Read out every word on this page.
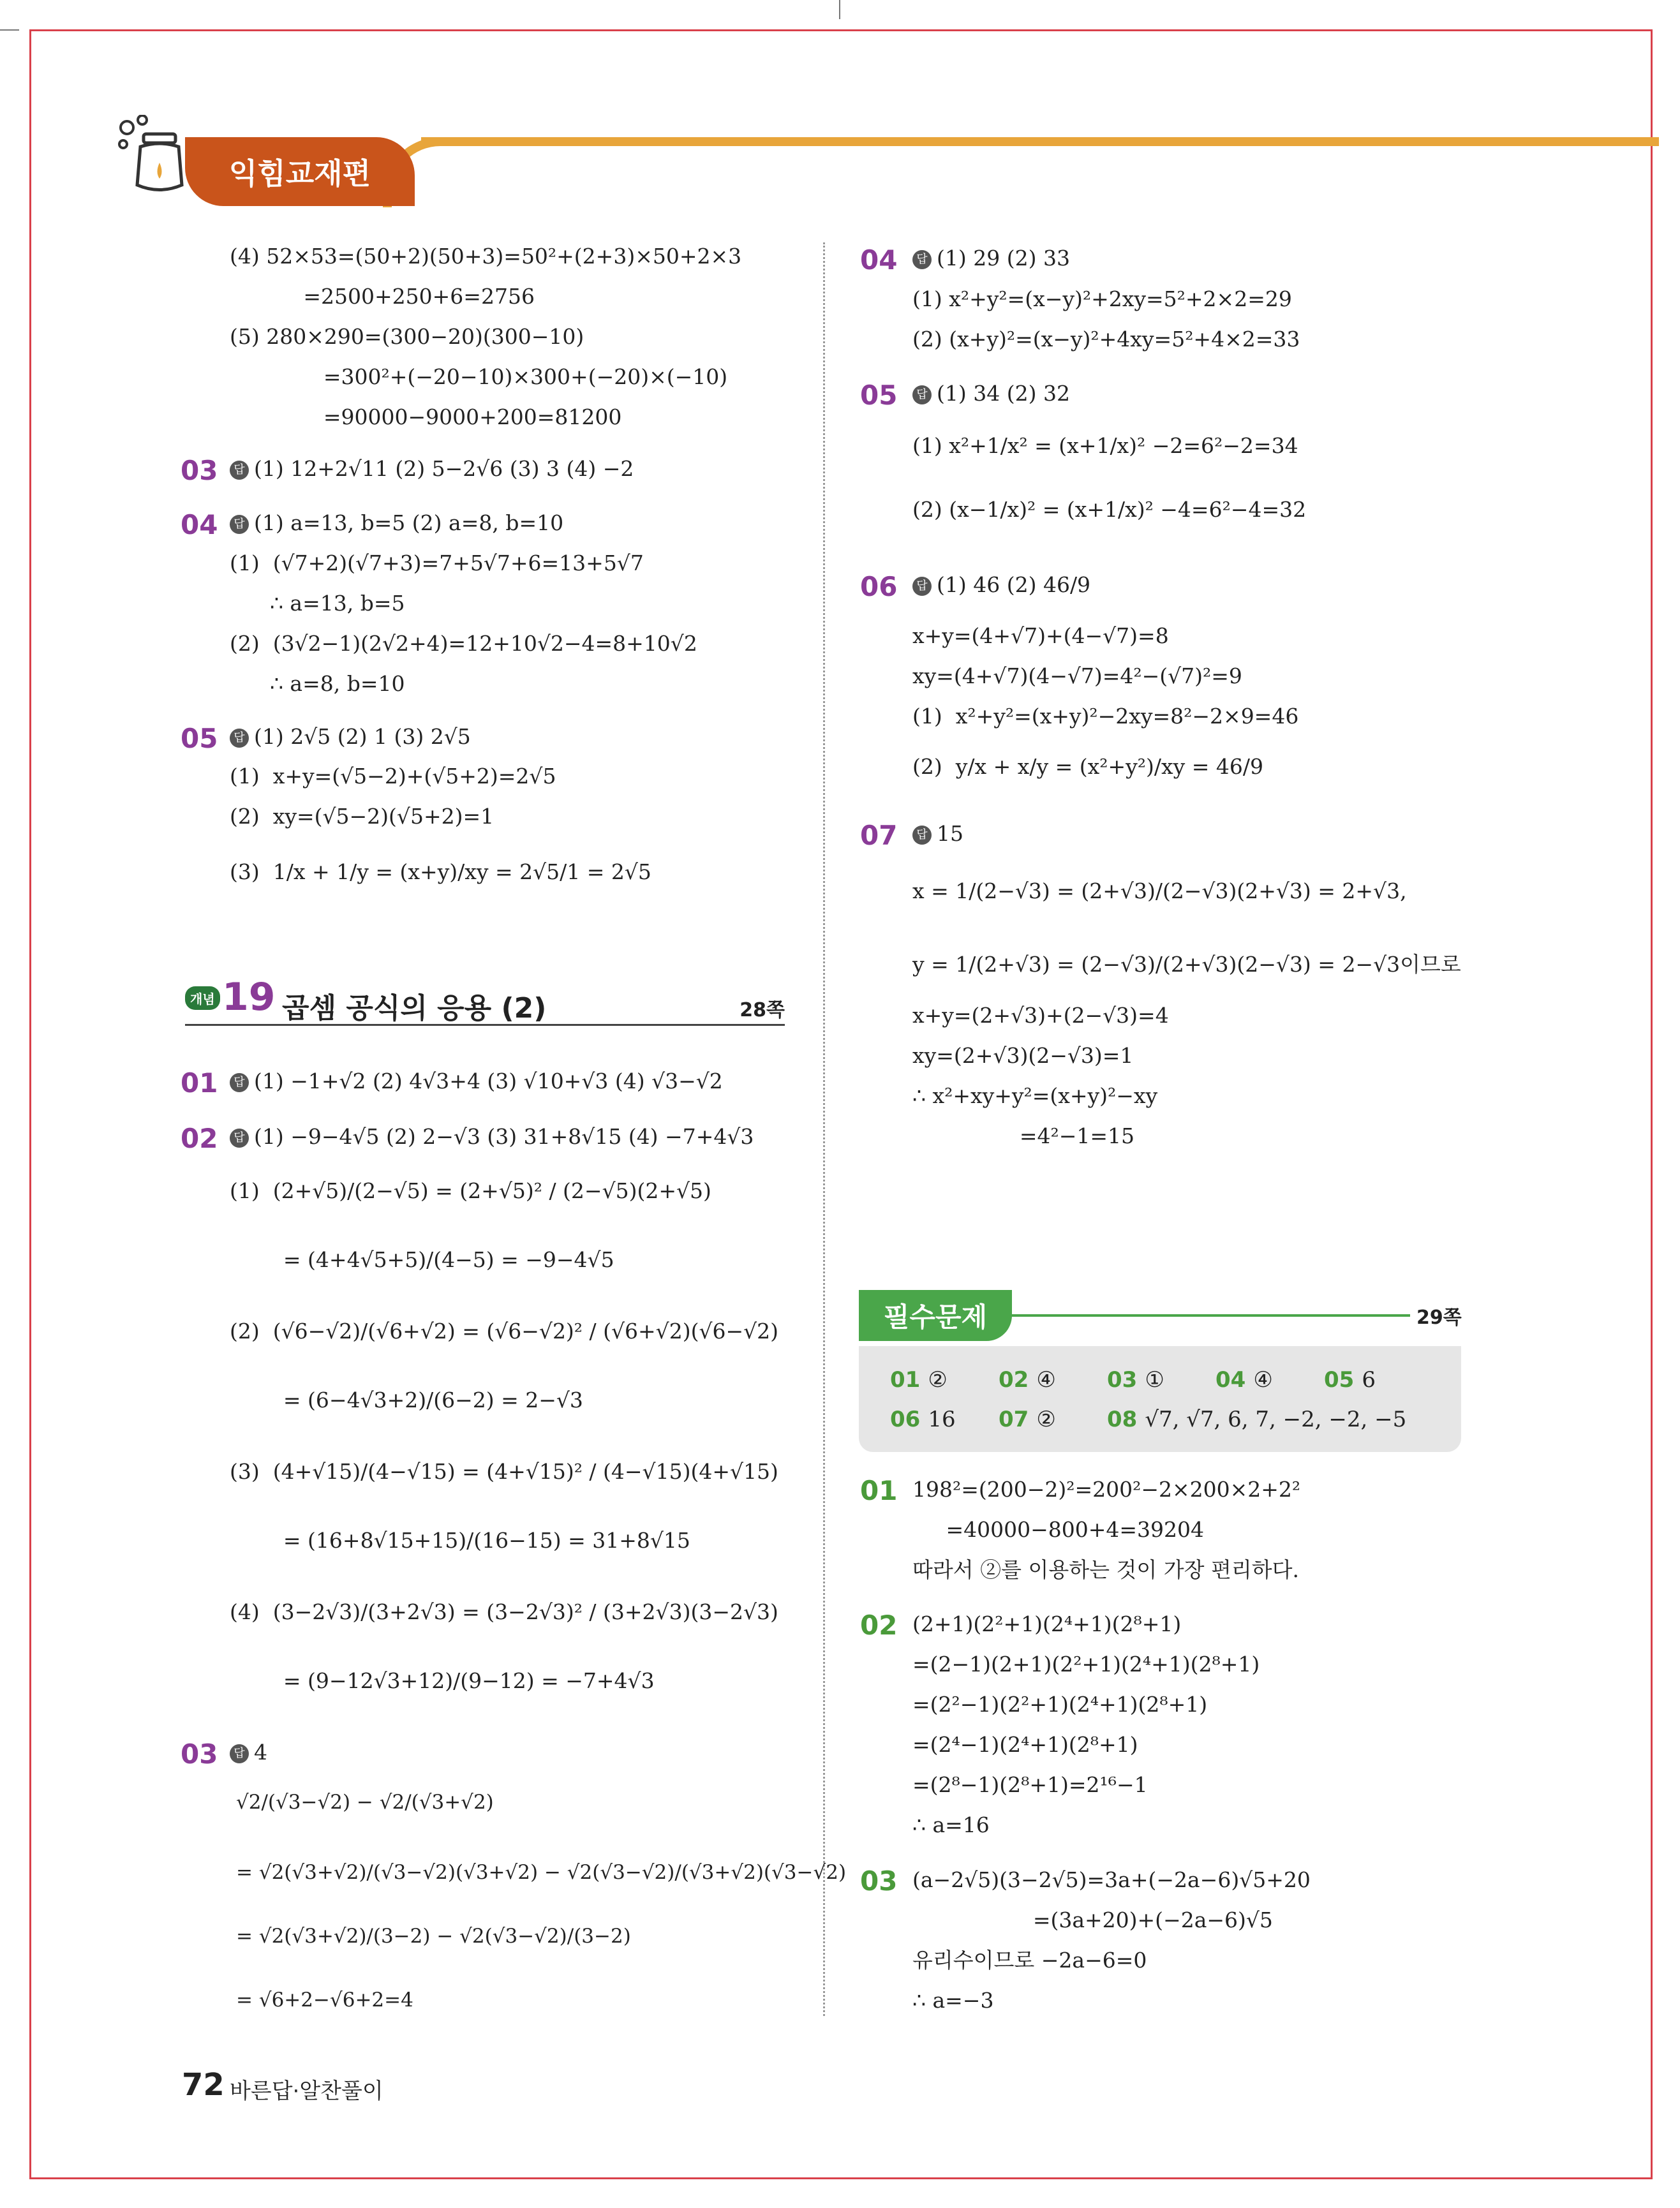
익힘교재편
(4) 52×53=(50+2)(50+3)=50²+(2+3)×50+2×3
=2500+250+6=2756
(5) 280×290=(300−20)(300−10)
=300²+(−20−10)×300+(−20)×(−10)
=90000−9000+200=81200
03	답 (1) 12+2√11 (2) 5−2√6 (3) 3 (4) −2
04	답 (1) a=13, b=5 (2) a=8, b=10
(1)  (√7+2)(√7+3)=7+5√7+6=13+5√7
∴ a=13, b=5
(2)  (3√2−1)(2√2+4)=12+10√2−4=8+10√2
∴ a=8, b=10
05	답 (1) 2√5 (2) 1 (3) 2√5
(1)  x+y=(√5−2)+(√5+2)=2√5
(2)  xy=(√5−2)(√5+2)=1
(3)  1/x + 1/y = (x+y)/xy = 2√5/1 = 2√5
개념 19 곱셈 공식의 응용 (2)	28쪽
01	답 (1) −1+√2 (2) 4√3+4 (3) √10+√3 (4) √3−√2
02	답 (1) −9−4√5 (2) 2−√3 (3) 31+8√15 (4) −7+4√3
(1)  (2+√5)/(2−√5) = (2+√5)² / (2−√5)(2+√5)
= (4+4√5+5)/(4−5) = −9−4√5
(2)  (√6−√2)/(√6+√2) = (√6−√2)² / (√6+√2)(√6−√2)
= (6−4√3+2)/(6−2) = 2−√3
(3)  (4+√15)/(4−√15) = (4+√15)² / (4−√15)(4+√15)
= (16+8√15+15)/(16−15) = 31+8√15
(4)  (3−2√3)/(3+2√3) = (3−2√3)² / (3+2√3)(3−2√3)
= (9−12√3+12)/(9−12) = −7+4√3
03	답 4
√2/(√3−√2) − √2/(√3+√2)
= √2(√3+√2)/(√3−√2)(√3+√2) − √2(√3−√2)/(√3+√2)(√3−√2)
= √2(√3+√2)/(3−2) − √2(√3−√2)/(3−2)
= √6+2−√6+2=4
04	답 (1) 29 (2) 33
(1) x²+y²=(x−y)²+2xy=5²+2×2=29
(2) (x+y)²=(x−y)²+4xy=5²+4×2=33
05	답 (1) 34 (2) 32
(1) x²+1/x² = (x+1/x)² −2=6²−2=34
(2) (x−1/x)² = (x+1/x)² −4=6²−4=32
06	답 (1) 46 (2) 46/9
x+y=(4+√7)+(4−√7)=8
xy=(4+√7)(4−√7)=4²−(√7)²=9
(1)  x²+y²=(x+y)²−2xy=8²−2×9=46
(2)  y/x + x/y = (x²+y²)/xy = 46/9
07	답 15
x = 1/(2−√3) = (2+√3)/(2−√3)(2+√3) = 2+√3,
y = 1/(2+√3) = (2−√3)/(2+√3)(2−√3) = 2−√3이므로
x+y=(2+√3)+(2−√3)=4
xy=(2+√3)(2−√3)=1
∴ x²+xy+y²=(x+y)²−xy
=4²−1=15
필수문제	29쪽
01 ② 02 ④ 03 ① 04 ④ 05 6
06 16 07 ② 08 √7, √7, 6, 7, −2, −2, −5
01 198²=(200−2)²=200²−2×200×2+2²
=40000−800+4=39204
따라서 ②를 이용하는 것이 가장 편리하다.
02 (2+1)(2²+1)(2⁴+1)(2⁸+1)
=(2−1)(2+1)(2²+1)(2⁴+1)(2⁸+1)
=(2²−1)(2²+1)(2⁴+1)(2⁸+1)
=(2⁴−1)(2⁴+1)(2⁸+1)
=(2⁸−1)(2⁸+1)=2¹⁶−1
∴ a=16
03 (a−2√5)(3−2√5)=3a+(−2a−6)√5+20
=(3a+20)+(−2a−6)√5
유리수이므로 −2a−6=0
∴ a=−3
72 바른답·알찬풀이
